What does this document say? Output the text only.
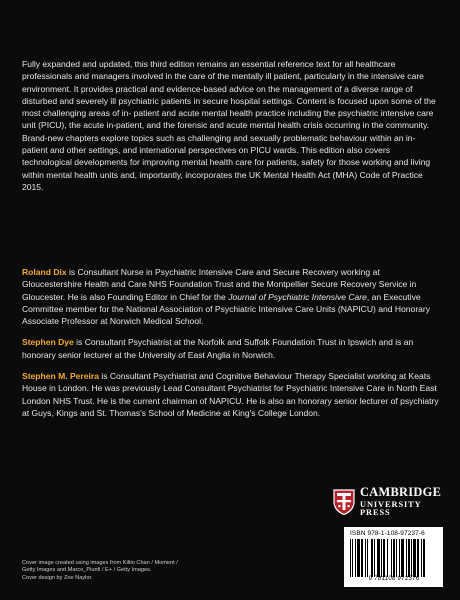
Fully expanded and updated, this third edition remains an essential reference text for all healthcare professionals and managers involved in the care of the mentally ill patient, particularly in the intensive care environment. It provides practical and evidence-based advice on the management of a diverse range of disturbed and severely ill psychiatric patients in secure hospital settings. Content is focused upon some of the most challenging areas of in- patient and acute mental health practice including the psychiatric intensive care unit (PICU), the acute in-patient, and the forensic and acute mental health crisis occurring in the community. Brand-new chapters explore topics such as challenging and sexually problematic behaviour within an in-patient and other settings, and international perspectives on PICU wards. This edition also covers technological developments for improving mental health care for patients, safety for those working and living within mental health units and, importantly, incorporates the UK Mental Health Act (MHA) Code of Practice 2015.

Roland Dix is Consultant Nurse in Psychiatric Intensive Care and Secure Recovery working at Gloucestershire Health and Care NHS Foundation Trust and the Montpellier Secure Recovery Service in Gloucester. He is also Founding Editor in Chief for the Journal of Psychiatric Intensive Care, an Executive Committee member for the National Association of Psychiatric Intensive Care Units (NAPICU) and Honorary Associate Professor at Norwich Medical School.

Stephen Dye is Consultant Psychiatrist at the Norfolk and Suffolk Foundation Trust in Ipswich and is an honorary senior lecturer at the University of East Anglia in Norwich.

Stephen M. Pereira is Consultant Psychiatrist and Cognitive Behaviour Therapy Specialist working at Keats House in London. He was previously Lead Consultant Psychiatrist for Psychiatric Intensive Care in North East London NHS Trust. He is the current chairman of NAPICU. He is also an honorary senior lecturer of psychiatry at Guys, Kings and St. Thomas's School of Medicine at King's College London.

CAMBRIDGE
UNIVERSITY PRESS
Cover image created using images from Kiltio Chan / Moment /
Getty Images and Marco_Piunti / E+ / Getty Images.
Cover design by Zoe Naylor.
ISBN 978-1-108-97237-6
9 781108 972376
